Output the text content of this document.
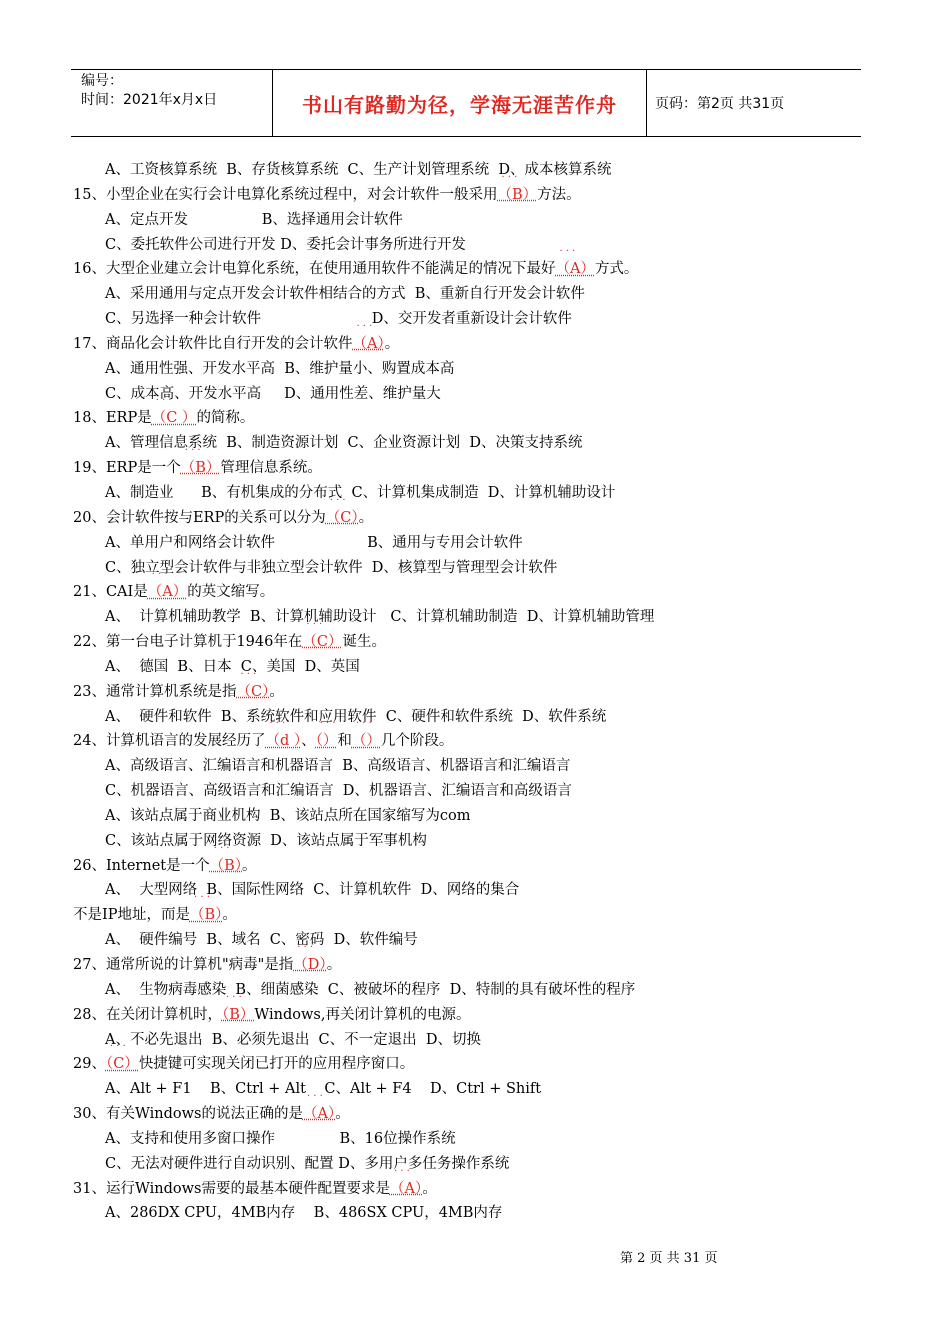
编号：
时间：2021年x月x日	书山有路勤为径，学海无涯苦作舟	页码：第2页 共31页
A、工资核算系统  B、存货核算系统  C、生产计划管理系统  D、成本核算系统
15、小型企业在实行会计电算化系统过程中，对会计软件一般采用· · · （B）方法。
A、定点开发                B、选择通用会计软件
C、委托软件公司进行开发 D、委托会计事务所进行开发
16、大型企业建立会计电算化系统，在使用通用软件不能满足的情况下最好· · · （A）方式。
A、采用通用与定点开发会计软件相结合的方式  B、重新自行开发会计软件
C、另选择一种会计软件                        D、交开发者重新设计会计软件
17、商品化会计软件比自行开发的会计软件· · · （A）。
A、通用性强、开发水平高  B、维护量小、购置成本高
C、成本高、开发水平高     D、通用性差、维护量大
18、ERP是· · · （C ）的简称。
A、管理信息系统  B、制造资源计划  C、企业资源计划  D、决策支持系统
19、ERP是一个· · · （B）管理信息系统。
A、制造业      B、有机集成的分布式  C、计算机集成制造  D、计算机辅助设计
20、会计软件按与ERP的关系可以分为· · · （C）。
A、单用户和网络会计软件                    B、通用与专用会计软件
C、独立型会计软件与非独立型会计软件  D、核算型与管理型会计软件
21、CAI是· · · （A）的英文缩写。
A、  计算机辅助教学  B、计算机辅助设计   C、计算机辅助制造  D、计算机辅助管理
22、第一台电子计算机于1946年在· · · （C）诞生。
A、  德国  B、日本  C、美国  D、英国
23、通常计算机系统是指· · · （C）。
A、  硬件和软件  B、系统软件和应用软件  C、硬件和软件系统  D、软件系统
24、计算机语言的发展经历了· · · （d ）、· · · （）和· · · （）几个阶段。
A、高级语言、汇编语言和机器语言  B、高级语言、机器语言和汇编语言
C、机器语言、高级语言和汇编语言  D、机器语言、汇编语言和高级语言
A、该站点属于商业机构  B、该站点所在国家缩写为com
C、该站点属于网络资源  D、该站点属于军事机构
26、Internet是一个· · · （B）。
A、  大型网络  B、国际性网络  C、计算机软件  D、网络的集合
不是IP地址，而是· · · （B）。
A、  硬件编号  B、域名  C、密码  D、软件编号
27、通常所说的计算机"病毒"是指· · · （D）。
A、  生物病毒感染  B、细菌感染  C、被破坏的程序  D、特制的具有破坏性的程序
28、在关闭计算机时，· · · （B）Windows,再关闭计算机的电源。
A、不必先退出  B、必须先退出  C、不一定退出  D、切换
29、· · · （C）快捷键可实现关闭已打开的应用程序窗口。
A、Alt + F1    B、Ctrl + Alt    C、Alt + F4    D、Ctrl + Shift
30、有关Windows的说法正确的是· · · （A）。
A、支持和使用多窗口操作              B、16位操作系统
C、无法对硬件进行自动识别、配置 D、多用户多任务操作系统
31、运行Windows需要的最基本硬件配置要求是· · · （A）。
A、286DX CPU，4MB内存    B、486SX CPU，4MB内存
第 2 页 共 31 页
